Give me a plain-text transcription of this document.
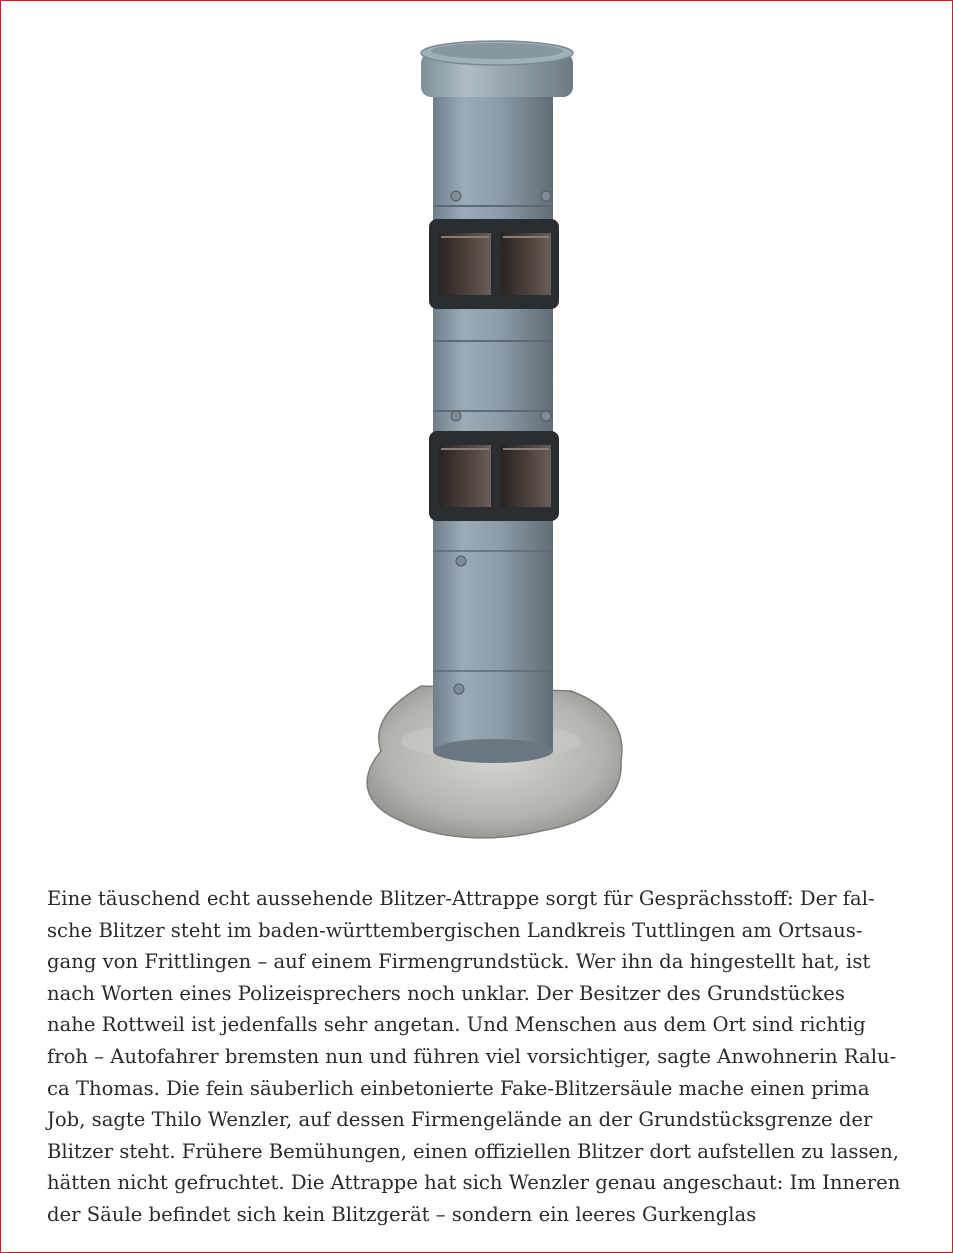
Eine täuschend echt aussehende Blitzer-Attrappe sorgt für Gesprächsstoff: Der fal-
sche Blitzer steht im baden-württembergischen Landkreis Tuttlingen am Ortsaus-
gang von Frittlingen – auf einem Firmengrundstück. Wer ihn da hingestellt hat, ist
nach Worten eines Polizeisprechers noch unklar. Der Besitzer des Grundstückes
nahe Rottweil ist jedenfalls sehr angetan. Und Menschen aus dem Ort sind richtig
froh – Autofahrer bremsten nun und führen viel vorsichtiger, sagte Anwohnerin Ralu-
ca Thomas. Die fein säuberlich einbetonierte Fake-Blitzersäule mache einen prima
Job, sagte Thilo Wenzler, auf dessen Firmengelände an der Grundstücksgrenze der
Blitzer steht. Frühere Bemühungen, einen offiziellen Blitzer dort aufstellen zu lassen,
hätten nicht gefruchtet. Die Attrappe hat sich Wenzler genau angeschaut: Im Inneren
der Säule befindet sich kein Blitzgerät – sondern ein leeres Gurkenglas
